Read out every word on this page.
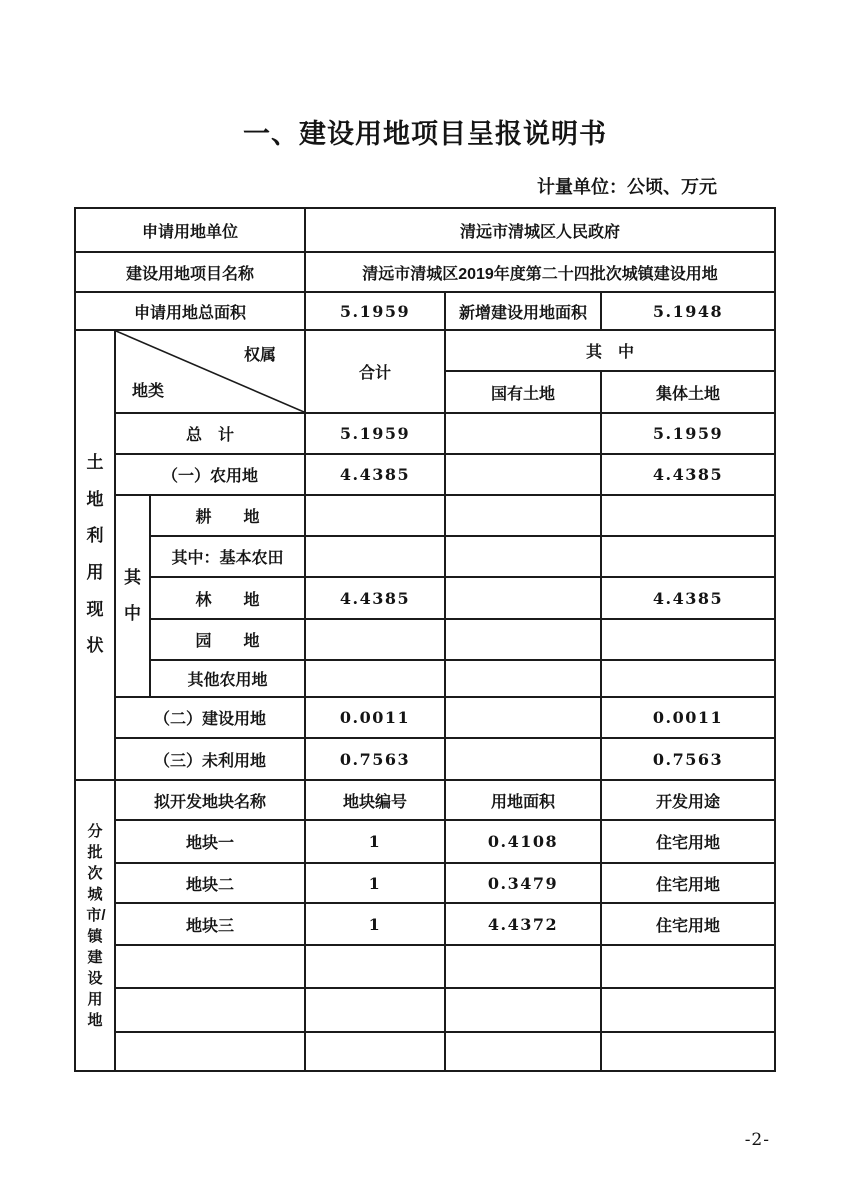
一、建设用地项目呈报说明书
计量单位：公顷、万元
申请用地单位			清远市清城区人民政府		
建设用地项目名称			清远市清城区2019年度第二十四批次城镇建设用地		
申请用地总面积			5.1959	新增建设用地面积	5.1948

土地利用现状	权属
地类		合计	其　中	
				国有土地	集体土地
	总　计		5.1959		5.1959
	（一）农用地		4.4385		4.4385

	其中	耕　　地			
		其中：基本农田			
		林　　地	4.4385		4.4385
		园　　地			
		其他农用地			
	（二）建设用地		0.0011		0.0011
	（三）未利用地		0.7563		0.7563

分批次城市/镇建设用地	拟开发地块名称		地块编号	用地面积	开发用途
	地块一		1	0.4108	住宅用地
	地块二		1	0.3479	住宅用地
	地块三		1	4.4372	住宅用地

-2-
